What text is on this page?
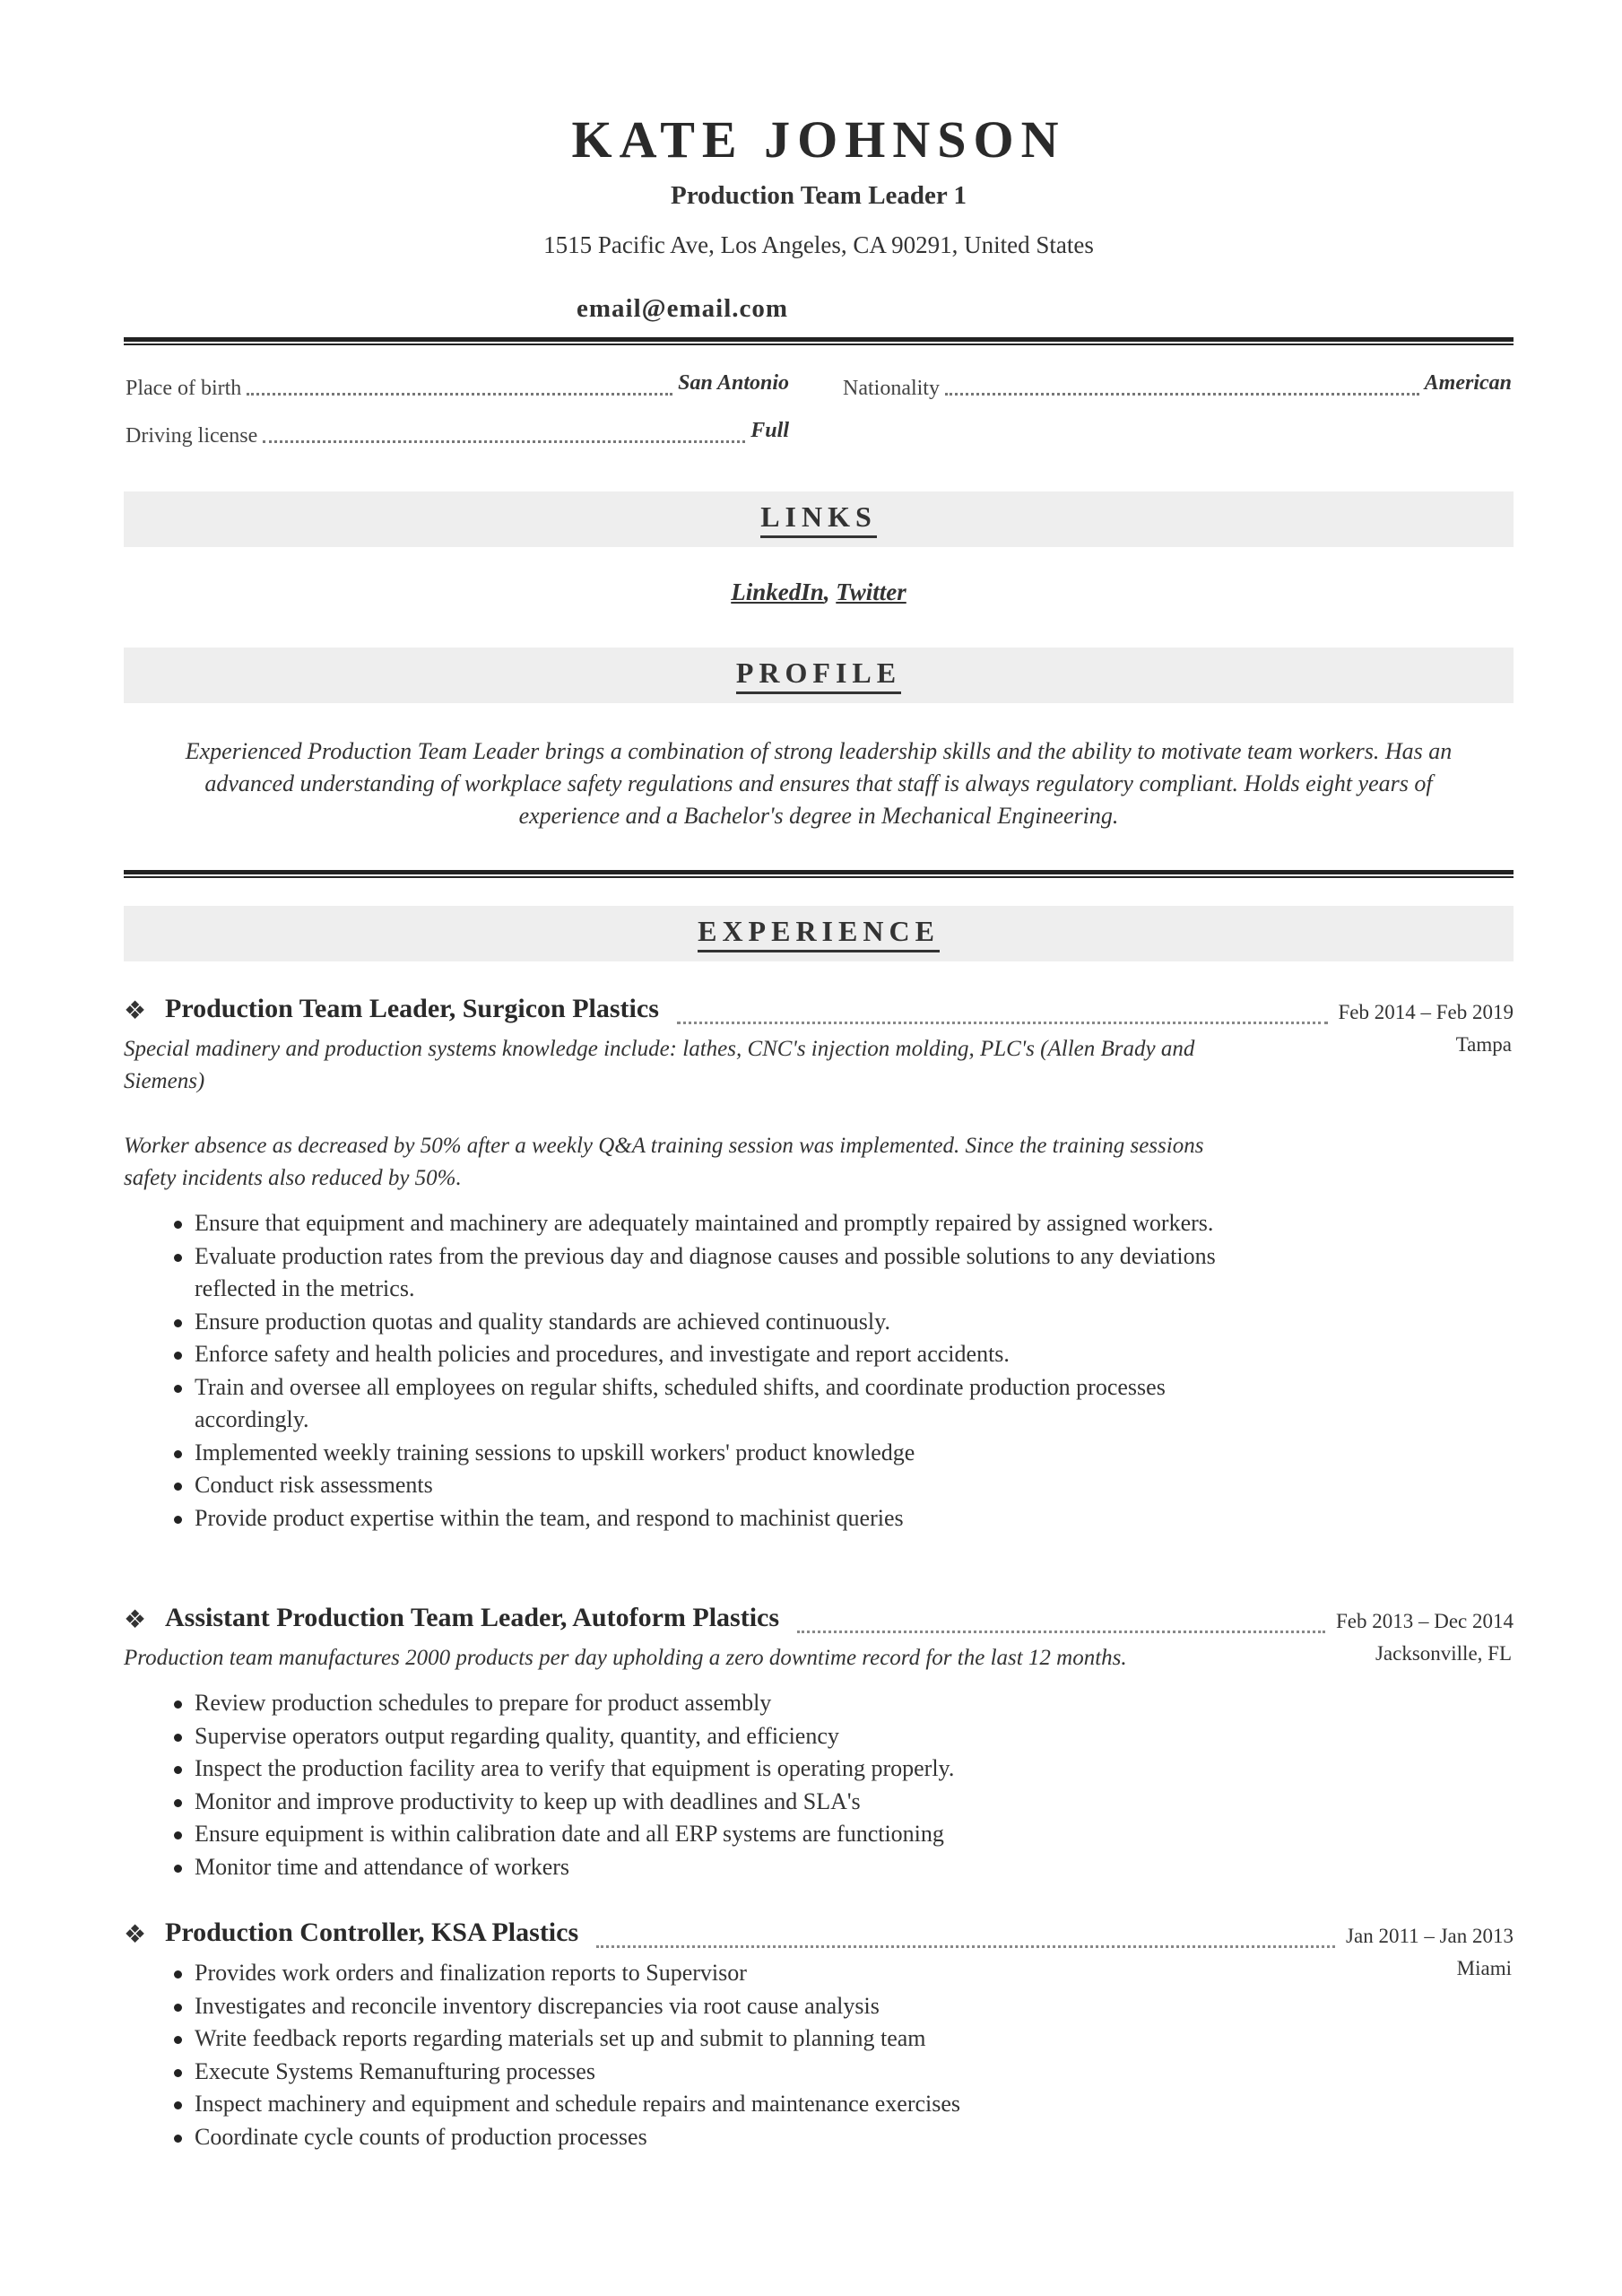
KATE JOHNSON
Production Team Leader 1
1515 Pacific Ave, Los Angeles, CA 90291, United States
email@email.com
Place of birth	San Antonio	Nationality	American
Driving license	Full
LINKS
LinkedIn, Twitter
PROFILE
Experienced Production Team Leader brings a combination of strong leadership skills and the ability to motivate team workers. Has an advanced understanding of workplace safety regulations and ensures that staff is always regulatory compliant. Holds eight years of experience and a Bachelor's degree in Mechanical Engineering.
EXPERIENCE
❖ Production Team Leader, Surgicon Plastics	Feb 2014 – Feb 2019
Tampa
Special madinery and production systems knowledge include: lathes, CNC's injection molding, PLC's (Allen Brady and Siemens)
Worker absence as decreased by 50% after a weekly Q&A training session was implemented. Since the training sessions safety incidents also reduced by 50%.
Ensure that equipment and machinery are adequately maintained and promptly repaired by assigned workers.
Evaluate production rates from the previous day and diagnose causes and possible solutions to any deviations reflected in the metrics.
Ensure production quotas and quality standards are achieved continuously.
Enforce safety and health policies and procedures, and investigate and report accidents.
Train and oversee all employees on regular shifts, scheduled shifts, and coordinate production processes accordingly.
Implemented weekly training sessions to upskill workers' product knowledge
Conduct risk assessments
Provide product expertise within the team, and respond to machinist queries
❖ Assistant Production Team Leader, Autoform Plastics	Feb 2013 – Dec 2014
Jacksonville, FL
Production team manufactures 2000 products per day upholding a zero downtime record for the last 12 months.
Review production schedules to prepare for product assembly
Supervise operators output regarding quality, quantity, and efficiency
Inspect the production facility area to verify that equipment is operating properly.
Monitor and improve productivity to keep up with deadlines and SLA's
Ensure equipment is within calibration date and all ERP systems are functioning
Monitor time and attendance of workers
❖ Production Controller, KSA Plastics	Jan 2011 – Jan 2013
Miami
Provides work orders and finalization reports to Supervisor
Investigates and reconcile inventory discrepancies via root cause analysis
Write feedback reports regarding materials set up and submit to planning team
Execute Systems Remanufturing processes
Inspect machinery and equipment and schedule repairs and maintenance exercises
Coordinate cycle counts of production processes
